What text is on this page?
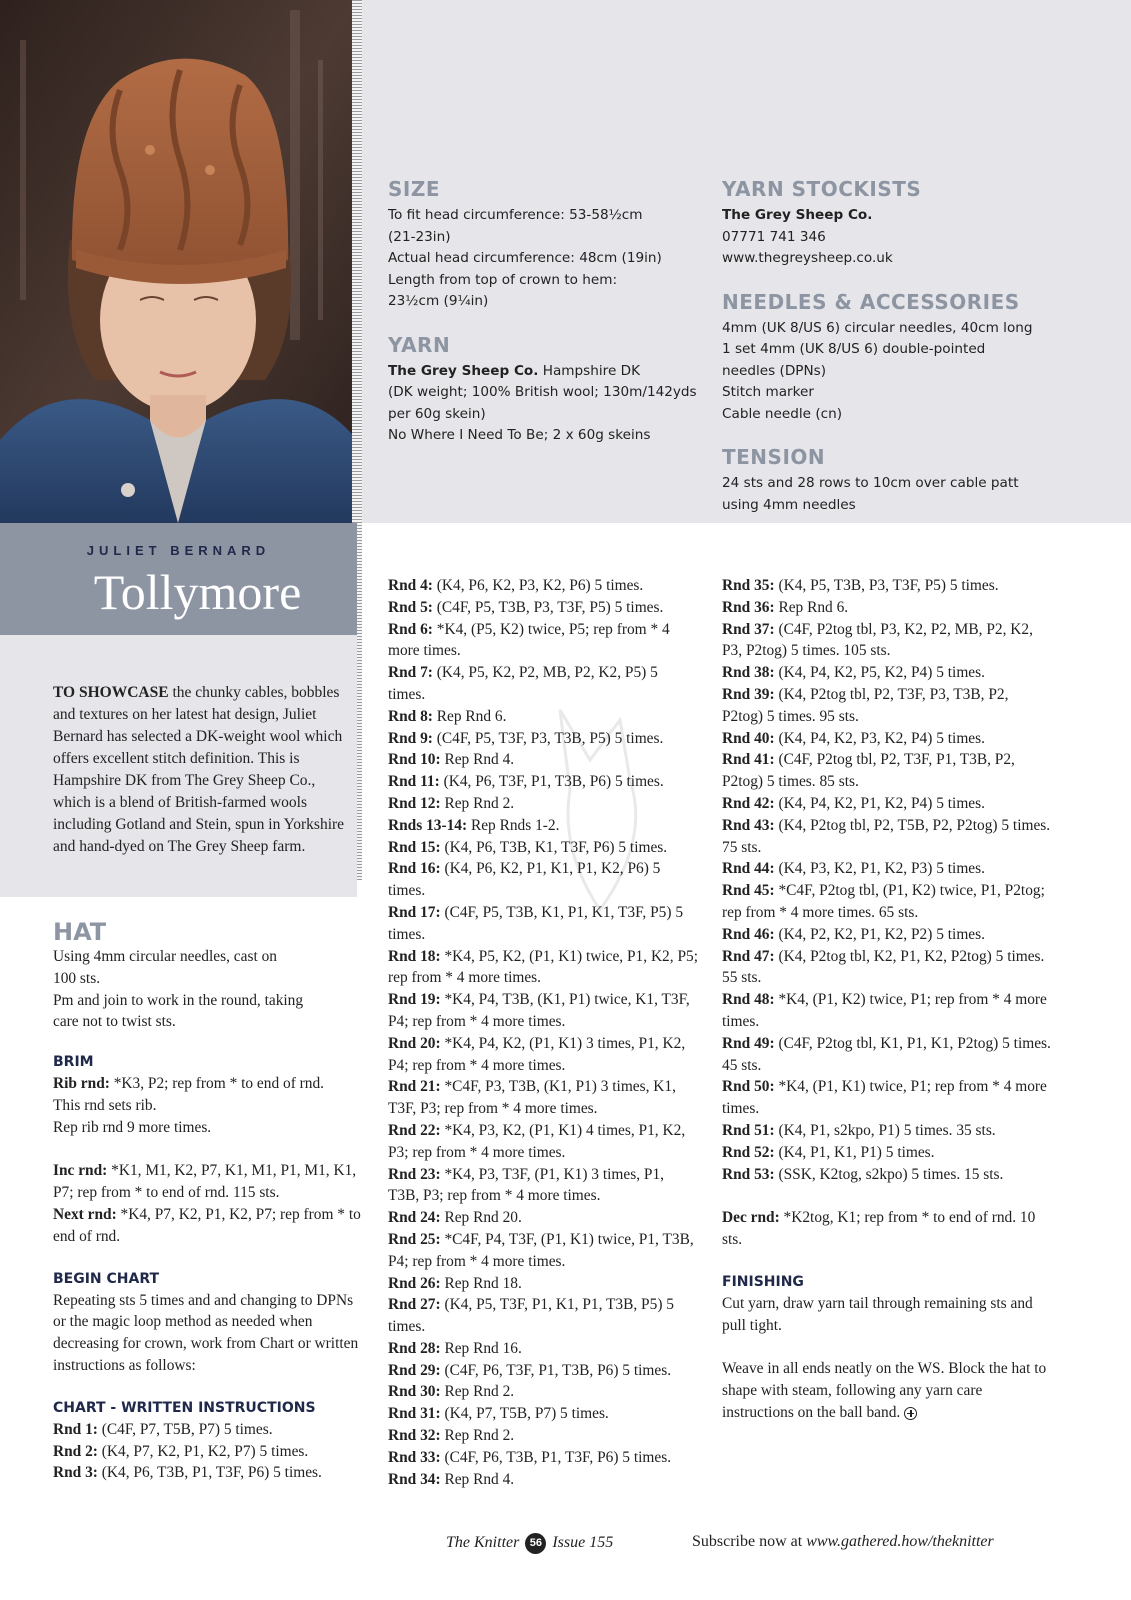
JULIET BERNARD
Tollymore
TO SHOWCASE the chunky cables, bobbles and textures on her latest hat design, Juliet Bernard has selected a DK-weight wool which offers excellent stitch definition. This is Hampshire DK from The Grey Sheep Co., which is a blend of British-farmed wools including Gotland and Stein, spun in Yorkshire and hand-dyed on The Grey Sheep farm.
SIZE
To fit head circumference: 53-58½cm
(21-23in)
Actual head circumference: 48cm (19in)
Length from top of crown to hem:
23½cm (9¼in)
YARN
The Grey Sheep Co. Hampshire DK
(DK weight; 100% British wool; 130m/142yds
per 60g skein)
No Where I Need To Be; 2 x 60g skeins
YARN STOCKISTS
The Grey Sheep Co.
07771 741 346
www.thegreysheep.co.uk
NEEDLES & ACCESSORIES
4mm (UK 8/US 6) circular needles, 40cm long
1 set 4mm (UK 8/US 6) double-pointed
needles (DPNs)
Stitch marker
Cable needle (cn)
TENSION
24 sts and 28 rows to 10cm over cable patt
using 4mm needles
HAT

Using 4mm circular needles, cast on

100 sts.

Pm and join to work in the round, taking

care not to twist sts.

BRIM

Rib rnd: *K3, P2; rep from * to end of rnd.

This rnd sets rib.

Rep rib rnd 9 more times.

Inc rnd: *K1, M1, K2, P7, K1, M1, P1, M1, K1, P7; rep from * to end of rnd. 115 sts.

Next rnd: *K4, P7, K2, P1, K2, P7; rep from * to end of rnd.

BEGIN CHART

Repeating sts 5 times and and changing to DPNs or the magic loop method as needed when decreasing for crown, work from Chart or written instructions as follows:

CHART - WRITTEN INSTRUCTIONS

Rnd 1: (C4F, P7, T5B, P7) 5 times.

Rnd 2: (K4, P7, K2, P1, K2, P7) 5 times.

Rnd 3: (K4, P6, T3B, P1, T3F, P6) 5 times.

Rnd 4: (K4, P6, K2, P3, K2, P6) 5 times.

Rnd 5: (C4F, P5, T3B, P3, T3F, P5) 5 times.

Rnd 6: *K4, (P5, K2) twice, P5; rep from * 4 more times.

Rnd 7: (K4, P5, K2, P2, MB, P2, K2, P5) 5 times.

Rnd 8: Rep Rnd 6.

Rnd 9: (C4F, P5, T3F, P3, T3B, P5) 5 times.

Rnd 10: Rep Rnd 4.

Rnd 11: (K4, P6, T3F, P1, T3B, P6) 5 times.

Rnd 12: Rep Rnd 2.

Rnds 13-14: Rep Rnds 1-2.

Rnd 15: (K4, P6, T3B, K1, T3F, P6) 5 times.

Rnd 16: (K4, P6, K2, P1, K1, P1, K2, P6) 5 times.

Rnd 17: (C4F, P5, T3B, K1, P1, K1, T3F, P5) 5 times.

Rnd 18: *K4, P5, K2, (P1, K1) twice, P1, K2, P5; rep from * 4 more times.

Rnd 19: *K4, P4, T3B, (K1, P1) twice, K1, T3F, P4; rep from * 4 more times.

Rnd 20: *K4, P4, K2, (P1, K1) 3 times, P1, K2, P4; rep from * 4 more times.

Rnd 21: *C4F, P3, T3B, (K1, P1) 3 times, K1, T3F, P3; rep from * 4 more times.

Rnd 22: *K4, P3, K2, (P1, K1) 4 times, P1, K2, P3; rep from * 4 more times.

Rnd 23: *K4, P3, T3F, (P1, K1) 3 times, P1, T3B, P3; rep from * 4 more times.

Rnd 24: Rep Rnd 20.

Rnd 25: *C4F, P4, T3F, (P1, K1) twice, P1, T3B, P4; rep from * 4 more times.

Rnd 26: Rep Rnd 18.

Rnd 27: (K4, P5, T3F, P1, K1, P1, T3B, P5) 5 times.

Rnd 28: Rep Rnd 16.

Rnd 29: (C4F, P6, T3F, P1, T3B, P6) 5 times.

Rnd 30: Rep Rnd 2.

Rnd 31: (K4, P7, T5B, P7) 5 times.

Rnd 32: Rep Rnd 2.

Rnd 33: (C4F, P6, T3B, P1, T3F, P6) 5 times.

Rnd 34: Rep Rnd 4.

Rnd 35: (K4, P5, T3B, P3, T3F, P5) 5 times.

Rnd 36: Rep Rnd 6.

Rnd 37: (C4F, P2tog tbl, P3, K2, P2, MB, P2, K2, P3, P2tog) 5 times. 105 sts.

Rnd 38: (K4, P4, K2, P5, K2, P4) 5 times.

Rnd 39: (K4, P2tog tbl, P2, T3F, P3, T3B, P2, P2tog) 5 times. 95 sts.

Rnd 40: (K4, P4, K2, P3, K2, P4) 5 times.

Rnd 41: (C4F, P2tog tbl, P2, T3F, P1, T3B, P2, P2tog) 5 times. 85 sts.

Rnd 42: (K4, P4, K2, P1, K2, P4) 5 times.

Rnd 43: (K4, P2tog tbl, P2, T5B, P2, P2tog) 5 times. 75 sts.

Rnd 44: (K4, P3, K2, P1, K2, P3) 5 times.

Rnd 45: *C4F, P2tog tbl, (P1, K2) twice, P1, P2tog; rep from * 4 more times. 65 sts.

Rnd 46: (K4, P2, K2, P1, K2, P2) 5 times.

Rnd 47: (K4, P2tog tbl, K2, P1, K2, P2tog) 5 times. 55 sts.

Rnd 48: *K4, (P1, K2) twice, P1; rep from * 4 more times.

Rnd 49: (C4F, P2tog tbl, K1, P1, K1, P2tog) 5 times. 45 sts.

Rnd 50: *K4, (P1, K1) twice, P1; rep from * 4 more times.

Rnd 51: (K4, P1, s2kpo, P1) 5 times. 35 sts.

Rnd 52: (K4, P1, K1, P1) 5 times.

Rnd 53: (SSK, K2tog, s2kpo) 5 times. 15 sts.

Dec rnd: *K2tog, K1; rep from * to end of rnd. 10 sts.

FINISHING

Cut yarn, draw yarn tail through remaining sts and pull tight.

Weave in all ends neatly on the WS. Block the hat to shape with steam, following any yarn care instructions on the ball band.

The Knitter 56 Issue 155	Subscribe now at www.gathered.how/theknitter
